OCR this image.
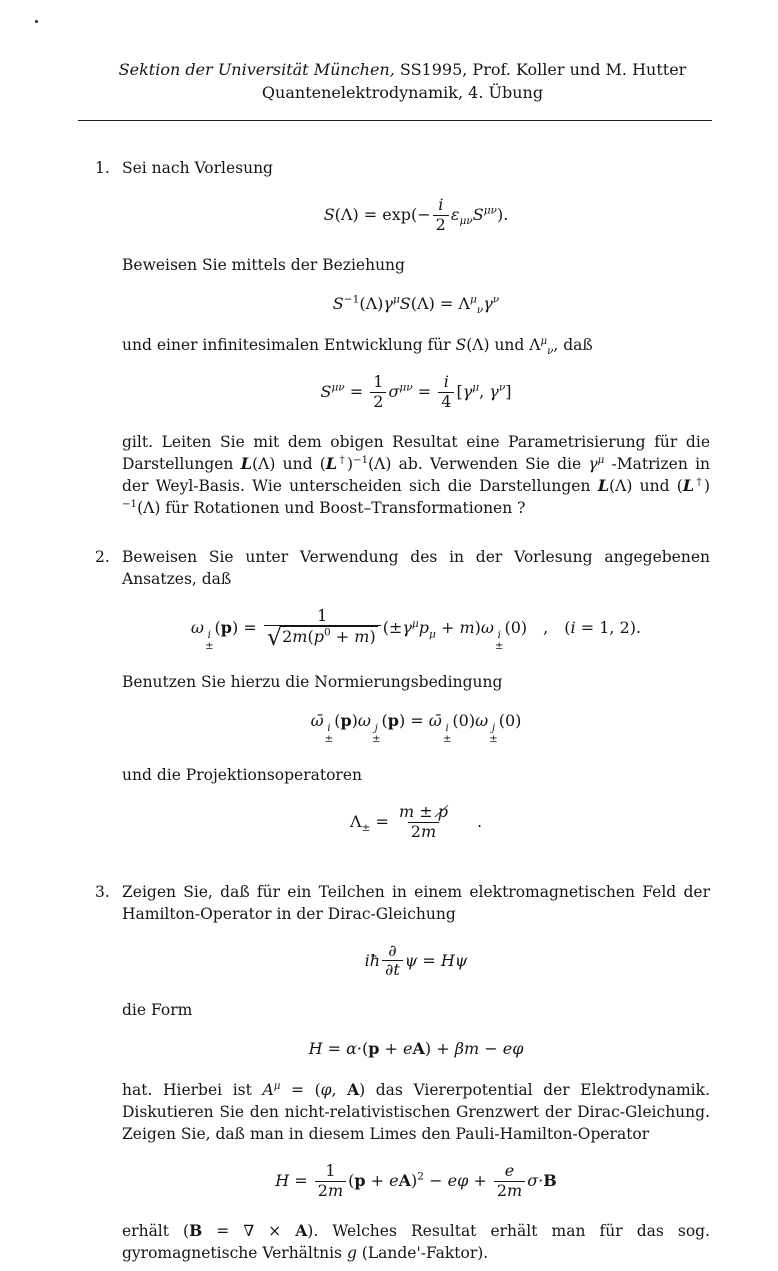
Sektion der Universität München, SS1995, Prof. Koller und M. Hutter
Quantenelektrodynamik, 4. Übung
1. Sei nach Vorlesung
$S(\Lambda) = \exp(- \frac{i}{2} \varepsilon_{\mu\nu}S^{\mu\nu})$.
Beweisen Sie mittels der Beziehung
$S^{-1}(\Lambda)\gamma^\mu S(\Lambda) = \Lambda^\mu_\nu\gamma^\nu$
und einer infinitesimalen Entwicklung für S(Λ) und $\Lambda^\mu_\nu$, daß
$S^{\mu\nu} = \frac{1}{2} \sigma^{\mu\nu} = \frac{i}{4} [\gamma^\mu$, $\gamma^\nu$]
gilt. Leiten Sie mit dem obigen Resultat eine Parametrisierung für die Darstellungen L(Λ) und $(L^\dagger)^{-1}(\Lambda)$ ab. Verwenden Sie die $\gamma^\mu$ -Matrizen in der Weyl-Basis. Wie unterscheiden sich die Darstellungen L(Λ) und $(L^\dagger)^{-1}(\Lambda)$ für Rotationen und Boost–Transformationen ?
2. Beweisen Sie unter Verwendung des in der Vorlesung angegebenen Ansatzes, daß
ω i
±
$(p) = \frac{1}{√ 2m(p^0 + m)} (\pm\gamma^\mu p_\mu + m)\omega$ i
±
(0) , (i = 1, 2).
Benutzen Sie hierzu die Normierungsbedingung
ω̄ i
±
(p)ω j
±
(p) = ω̄ i
±
(0)ω j
±
(0)
und die Projektionsoperatoren
$\Lambda_\pm = \frac{m \pm p̸}{2m}$   .
3. Zeigen Sie, daß für ein Teilchen in einem elektromagnetischen Feld der Hamilton-Operator in der Dirac-Gleichung
iħ $\frac{\partial}{\partial t}$ ψ = Hψ
die Form
H = α·(p + eA) + βm − eφ
hat. Hierbei ist $A^\mu = (\varphi$, A) das Viererpotential der Elektrodynamik. Diskutieren Sie den nicht-relativistischen Grenzwert der Dirac-Gleichung. Zeigen Sie, daß man in diesem Limes den Pauli-Hamilton-Operator
$H = \frac{1}{2m} (p + eA)^2 - e\varphi + \frac{e}{2m} \sigma\cdot B$
erhält (B = ∇ × A). Welches Resultat erhält man für das sog. gyromagnetische Verhältnis g (Lande'-Faktor).
